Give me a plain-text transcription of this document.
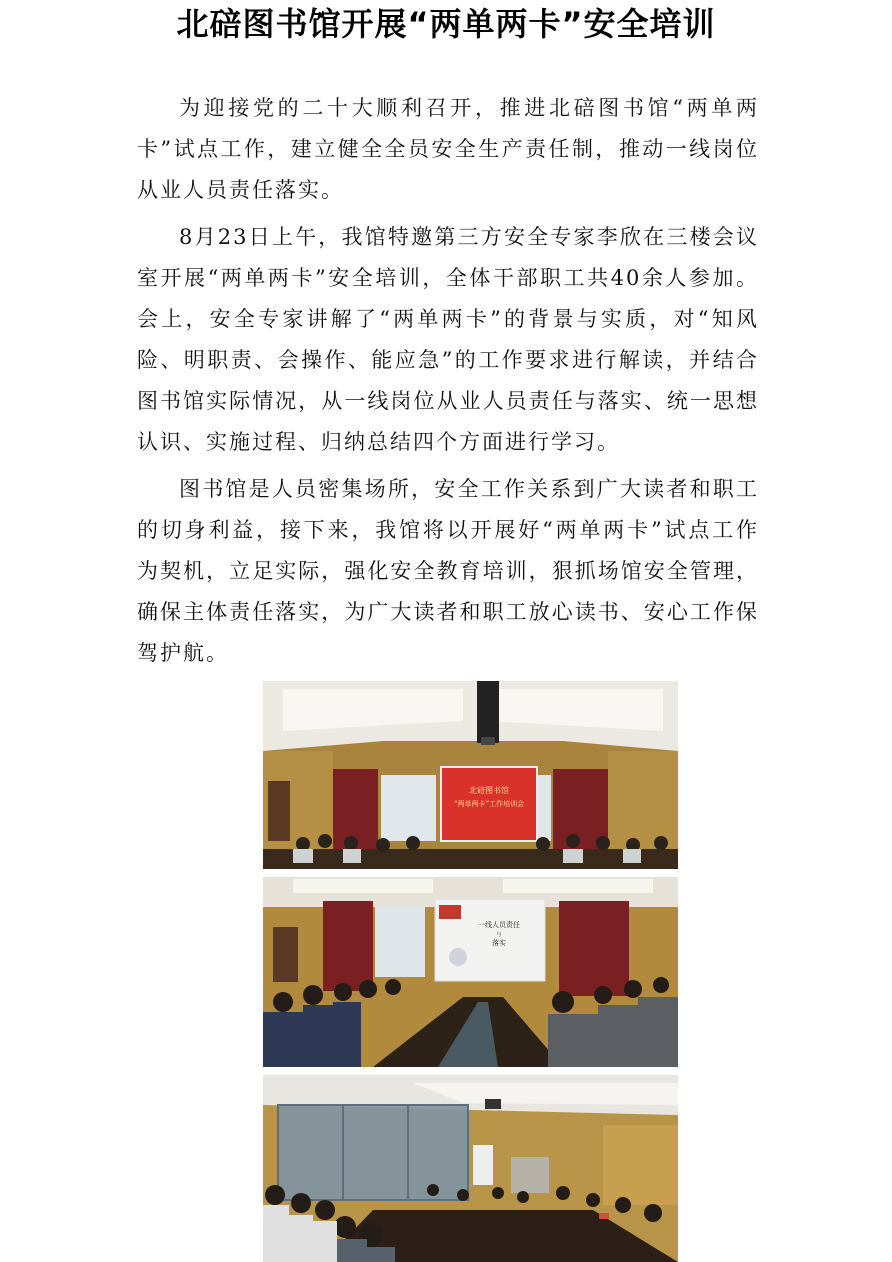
北碚图书馆开展“两单两卡”安全培训

为迎接党的二十大顺利召开，推进北碚图书馆“两单两卡”试点工作，建立健全全员安全生产责任制，推动一线岗位从业人员责任落实。

8月23日上午，我馆特邀第三方安全专家李欣在三楼会议室开展“两单两卡”安全培训，全体干部职工共40余人参加。会上，安全专家讲解了“两单两卡”的背景与实质，对“知风险、明职责、会操作、能应急”的工作要求进行解读，并结合图书馆实际情况，从一线岗位从业人员责任与落实、统一思想认识、实施过程、归纳总结四个方面进行学习。

图书馆是人员密集场所，安全工作关系到广大读者和职工的切身利益，接下来，我馆将以开展好“两单两卡”试点工作为契机，立足实际，强化安全教育培训，狠抓场馆安全管理，确保主体责任落实，为广大读者和职工放心读书、安心工作保驾护航。

北碚图书馆
“两单两卡”工作培训会
一线人员责任
与
落实
